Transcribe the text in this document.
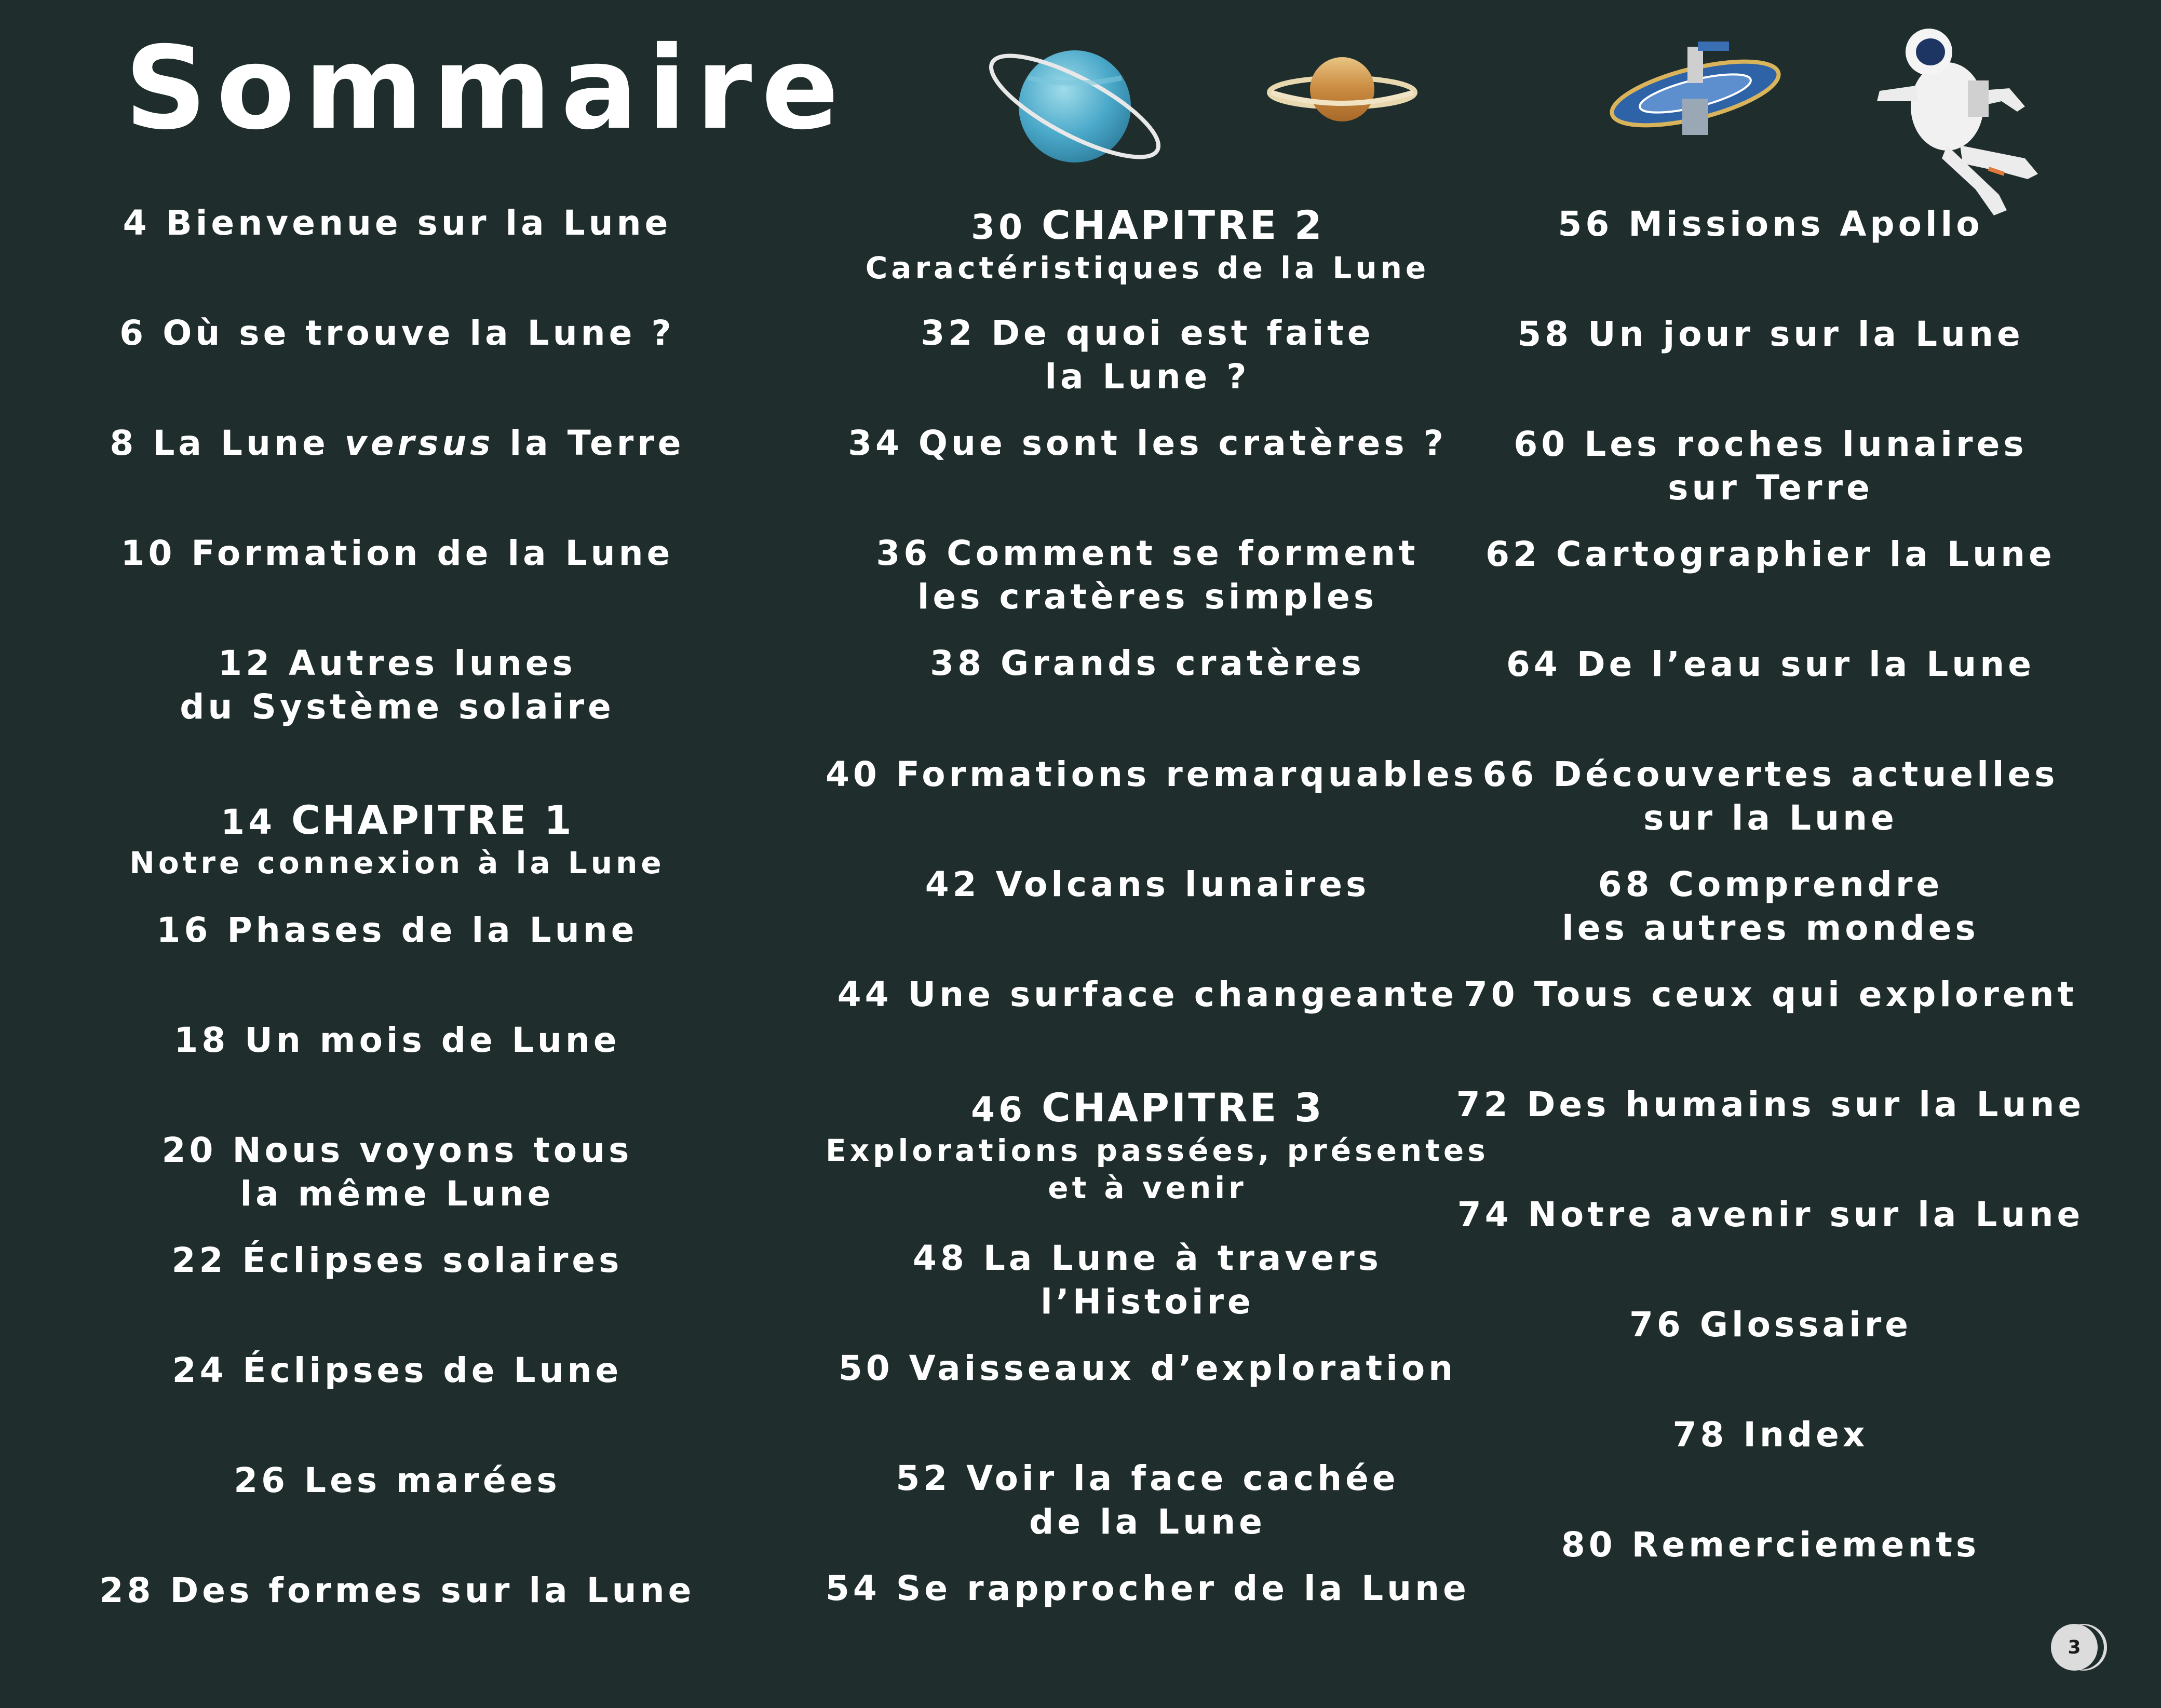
Sommaire
4 Bienvenue sur la Lune
6 Où se trouve la Lune ?
8 La Lune versus la Terre
10 Formation de la Lune
12 Autres lunes
du Système solaire
14 CHAPITRE 1
Notre connexion à la Lune
16 Phases de la Lune
18 Un mois de Lune
20 Nous voyons tous
la même Lune
22 Éclipses solaires
24 Éclipses de Lune
26 Les marées
28 Des formes sur la Lune
30 CHAPITRE 2
Caractéristiques de la Lune
32 De quoi est faite
la Lune ?
34 Que sont les cratères ?
36 Comment se forment
les cratères simples
38 Grands cratères
40 Formations remarquables
42 Volcans lunaires
44 Une surface changeante
46 CHAPITRE 3
Explorations passées, présentes
et à venir
48 La Lune à travers
l’Histoire
50 Vaisseaux d’exploration
52 Voir la face cachée
de la Lune
54 Se rapprocher de la Lune
56 Missions Apollo
58 Un jour sur la Lune
60 Les roches lunaires
sur Terre
62 Cartographier la Lune
64 De l’eau sur la Lune
66 Découvertes actuelles
sur la Lune
68 Comprendre
les autres mondes
70 Tous ceux qui explorent
72 Des humains sur la Lune
74 Notre avenir sur la Lune
76 Glossaire
78 Index
80 Remerciements
3
